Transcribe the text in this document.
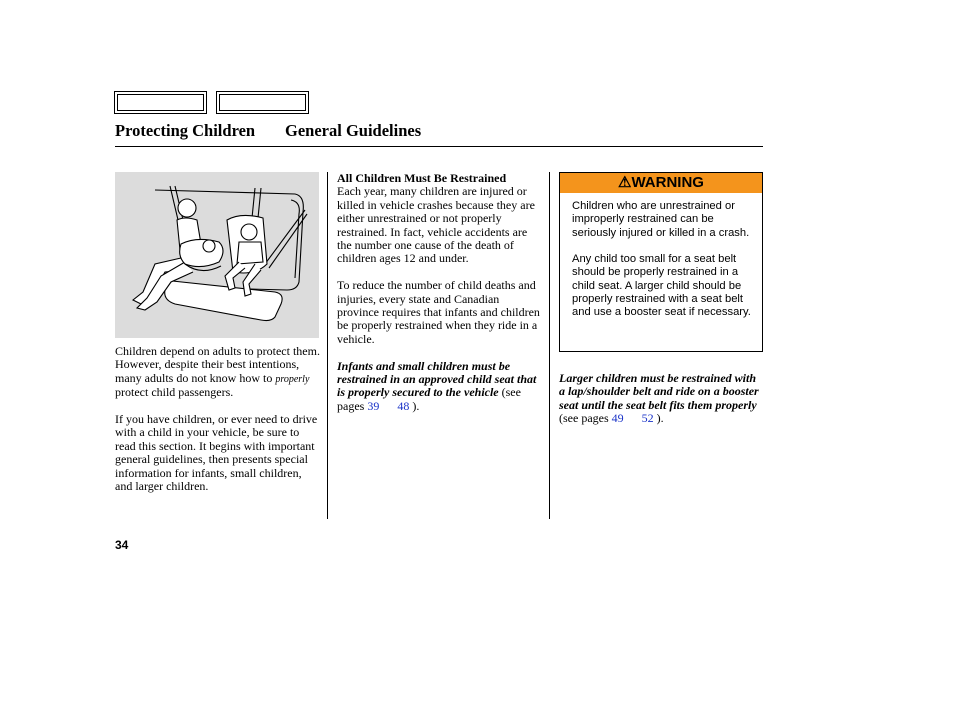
Protecting Children General Guidelines

Children depend on adults to protect them. However, despite their best intentions, many adults do not know how to properly protect child passengers.

If you have children, or ever need to drive with a child in your vehicle, be sure to read this section. It begins with important general guidelines, then presents special information for infants, small children, and larger children.

All Children Must Be Restrained

Each year, many children are injured or killed in vehicle crashes because they are either unrestrained or not properly restrained. In fact, vehicle accidents are the number one cause of the death of children ages 12 and under.

To reduce the number of child deaths and injuries, every state and Canadian province requires that infants and children be properly restrained when they ride in a vehicle.

Infants and small children must be restrained in an approved child seat that is properly secured to the vehicle (see pages 39 48 ).

⚠WARNING

Children who are unrestrained or improperly restrained can be seriously injured or killed in a crash.

Any child too small for a seat belt should be properly restrained in a child seat. A larger child should be properly restrained with a seat belt and use a booster seat if necessary.

Larger children must be restrained with a lap/shoulder belt and ride on a booster seat until the seat belt fits them properly (see pages 49 52 ).

34
